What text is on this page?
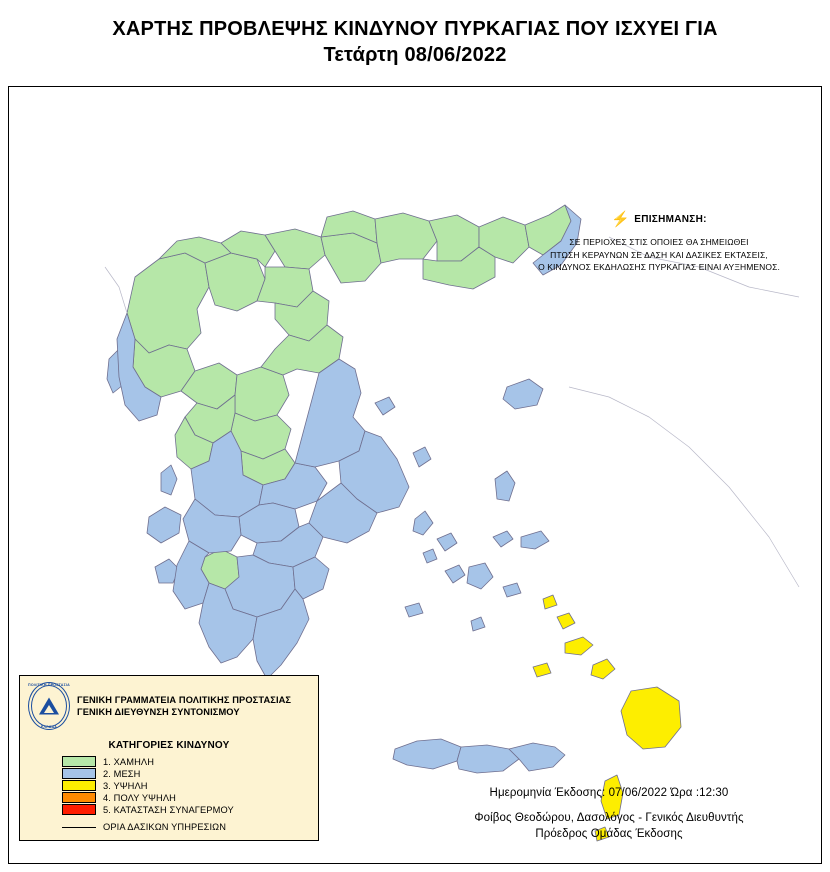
ΧΑΡΤΗΣ ΠΡΟΒΛΕΨΗΣ ΚΙΝΔΥΝΟΥ ΠΥΡΚΑΓΙΑΣ ΠΟΥ ΙΣΧΥΕΙ ΓΙΑ
Τετάρτη 08/06/2022
⚡ ΕΠΙΣΗΜΑΝΣΗ:
ΣΕ ΠΕΡΙΟΧΕΣ ΣΤΙΣ ΟΠΟΙΕΣ ΘΑ ΣΗΜΕΙΩΘΕΙ
ΠΤΩΣΗ ΚΕΡΑΥΝΩΝ ΣΕ ΔΑΣΗ ΚΑΙ ΔΑΣΙΚΕΣ ΕΚΤΑΣΕΙΣ,
Ο ΚΙΝΔΥΝΟΣ ΕΚΔΗΛΩΣΗΣ ΠΥΡΚΑΓΙΑΣ ΕΙΝΑΙ ΑΥΞΗΜΕΝΟΣ.
ΠΟΛΙΤΙΚΗ ΠΡΟΣΤΑΣΙΑ
ΕΛΛΑΔΑ
ΓΕΝΙΚΗ ΓΡΑΜΜΑΤΕΙΑ ΠΟΛΙΤΙΚΗΣ ΠΡΟΣΤΑΣΙΑΣ
ΓΕΝΙΚΗ ΔΙΕΥΘΥΝΣΗ ΣΥΝΤΟΝΙΣΜΟΥ
ΚΑΤΗΓΟΡΙΕΣ ΚΙΝΔΥΝΟΥ
1. ΧΑΜΗΛΗ
2. ΜΕΣΗ
3. ΥΨΗΛΗ
4. ΠΟΛΥ ΥΨΗΛΗ
5. ΚΑΤΑΣΤΑΣΗ ΣΥΝΑΓΕΡΜΟΥ
ΟΡΙΑ ΔΑΣΙΚΩΝ ΥΠΗΡΕΣΙΩΝ
Ημερομηνία Έκδοσης: 07/06/2022 Ώρα :12:30
Φοίβος Θεοδώρου, Δασολόγος - Γενικός Διευθυντής
Πρόεδρος Ομάδας Έκδοσης
